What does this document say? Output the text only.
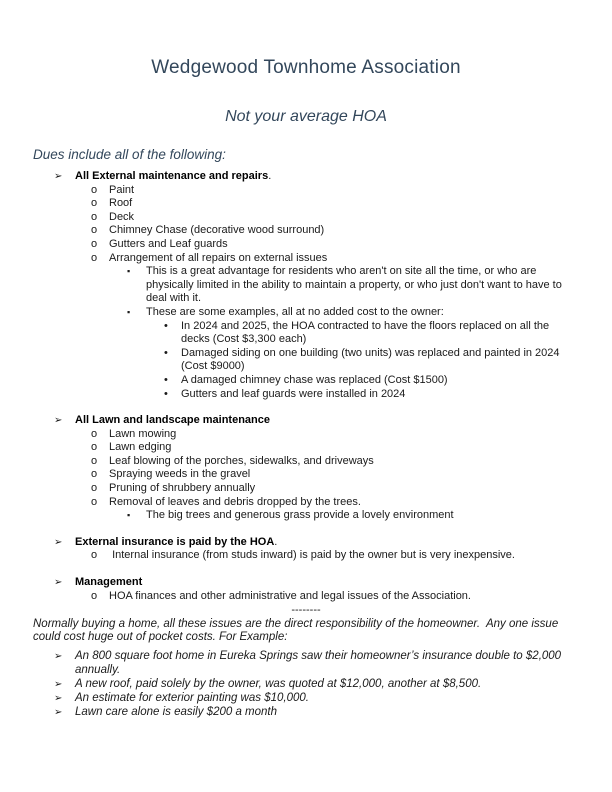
Wedgewood Townhome Association
Not your average HOA
Dues include all of the following:
➢ All External maintenance and repairs.
o Paint
o Roof
o Deck
o Chimney Chase (decorative wood surround)
o Gutters and Leaf guards
o Arrangement of all repairs on external issues
▪ This is a great advantage for residents who aren't on site all the time, or who are physically limited in the ability to maintain a property, or who just don't want to have to deal with it.
▪ These are some examples, all at no added cost to the owner:
• In 2024 and 2025, the HOA contracted to have the floors replaced on all the decks (Cost $3,300 each)
• Damaged siding on one building (two units) was replaced and painted in 2024 (Cost $9000)
• A damaged chimney chase was replaced (Cost $1500)
• Gutters and leaf guards were installed in 2024
➢ All Lawn and landscape maintenance
o Lawn mowing
o Lawn edging
o Leaf blowing of the porches, sidewalks, and driveways
o Spraying weeds in the gravel
o Pruning of shrubbery annually
o Removal of leaves and debris dropped by the trees.
▪ The big trees and generous grass provide a lovely environment
➢ External insurance is paid by the HOA.
o Internal insurance (from studs inward) is paid by the owner but is very inexpensive.
➢ Management
o HOA finances and other administrative and legal issues of the Association.
--------
Normally buying a home, all these issues are the direct responsibility of the homeowner.  Any one issue could cost huge out of pocket costs. For Example:
➢ An 800 square foot home in Eureka Springs saw their homeowner’s insurance double to $2,000 annually.
➢ A new roof, paid solely by the owner, was quoted at $12,000, another at $8,500.
➢ An estimate for exterior painting was $10,000.
➢ Lawn care alone is easily $200 a month
